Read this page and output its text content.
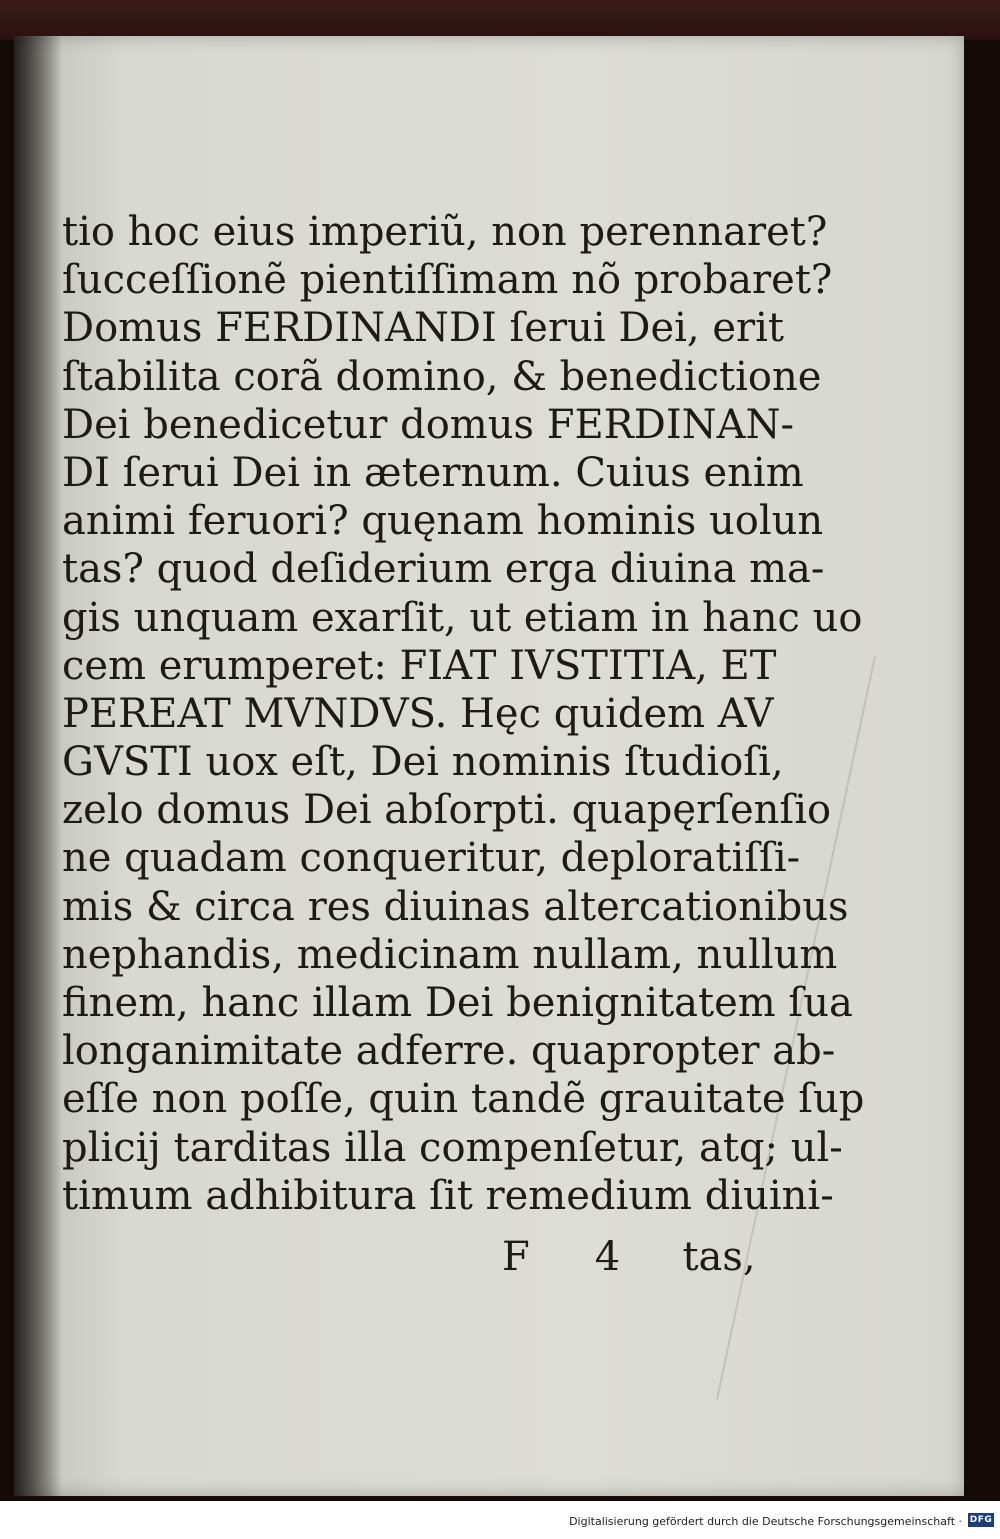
tio hoc eius imperiũ, non perennaret?
ſucceſſionẽ pientiſſimam nõ probaret?
Domus FERDINANDI ſerui Dei, erit
ſtabilita corã domino, & benedictione
Dei benedicetur domus FERDINAN-
DI ſerui Dei in æternum. Cuius enim
animi feruori? quęnam hominis uolun
tas? quod deſiderium erga diuina ma-
gis unquam exarſit, ut etiam in hanc uo
cem erumperet: FIAT IVSTITIA, ET
PEREAT MVNDVS. Hęc quidem AV
GVSTI uox eſt, Dei nominis ſtudioſi,
zelo domus Dei abſorpti. quapęrſenſio
ne quadam conqueritur, deploratiſſi-
mis & circa res diuinas altercationibus
nephandis, medicinam nullam, nullum
finem, hanc illam Dei benignitatem ſua
longanimitate adferre. quapropter ab-
eſſe non poſſe, quin tandẽ grauitate ſup
plicij tarditas illa compenſetur, atq; ul-
timum adhibitura ſit remedium diuini-
F 4 tas,
Digitalisierung gefördert durch die Deutsche Forschungsgemeinschaft · DFG
